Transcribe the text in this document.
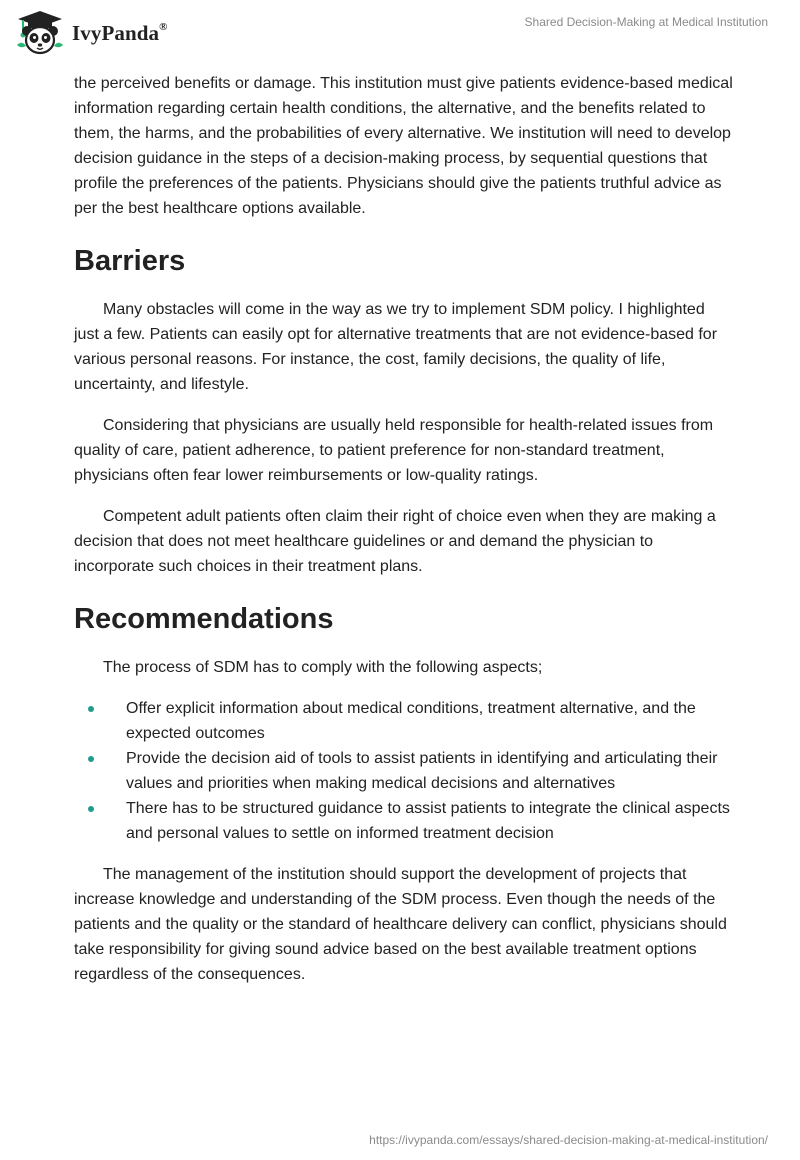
IvyPanda®	Shared Decision-Making at Medical Institution

the perceived benefits or damage. This institution must give patients evidence-based medical information regarding certain health conditions, the alternative, and the benefits related to them, the harms, and the probabilities of every alternative. We institution will need to develop decision guidance in the steps of a decision-making process, by sequential questions that profile the preferences of the patients. Physicians should give the patients truthful advice as per the best healthcare options available.

Barriers

Many obstacles will come in the way as we try to implement SDM policy. I highlighted just a few. Patients can easily opt for alternative treatments that are not evidence-based for various personal reasons. For instance, the cost, family decisions, the quality of life, uncertainty, and lifestyle.

Considering that physicians are usually held responsible for health-related issues from quality of care, patient adherence, to patient preference for non-standard treatment, physicians often fear lower reimbursements or low-quality ratings.

Competent adult patients often claim their right of choice even when they are making a decision that does not meet healthcare guidelines or and demand the physician to incorporate such choices in their treatment plans.

Recommendations

The process of SDM has to comply with the following aspects;

Offer explicit information about medical conditions, treatment alternative, and the expected outcomes
Provide the decision aid of tools to assist patients in identifying and articulating their values and priorities when making medical decisions and alternatives
There has to be structured guidance to assist patients to integrate the clinical aspects and personal values to settle on informed treatment decision

The management of the institution should support the development of projects that increase knowledge and understanding of the SDM process. Even though the needs of the patients and the quality or the standard of healthcare delivery can conflict, physicians should take responsibility for giving sound advice based on the best available treatment options regardless of the consequences.

https://ivypanda.com/essays/shared-decision-making-at-medical-institution/
